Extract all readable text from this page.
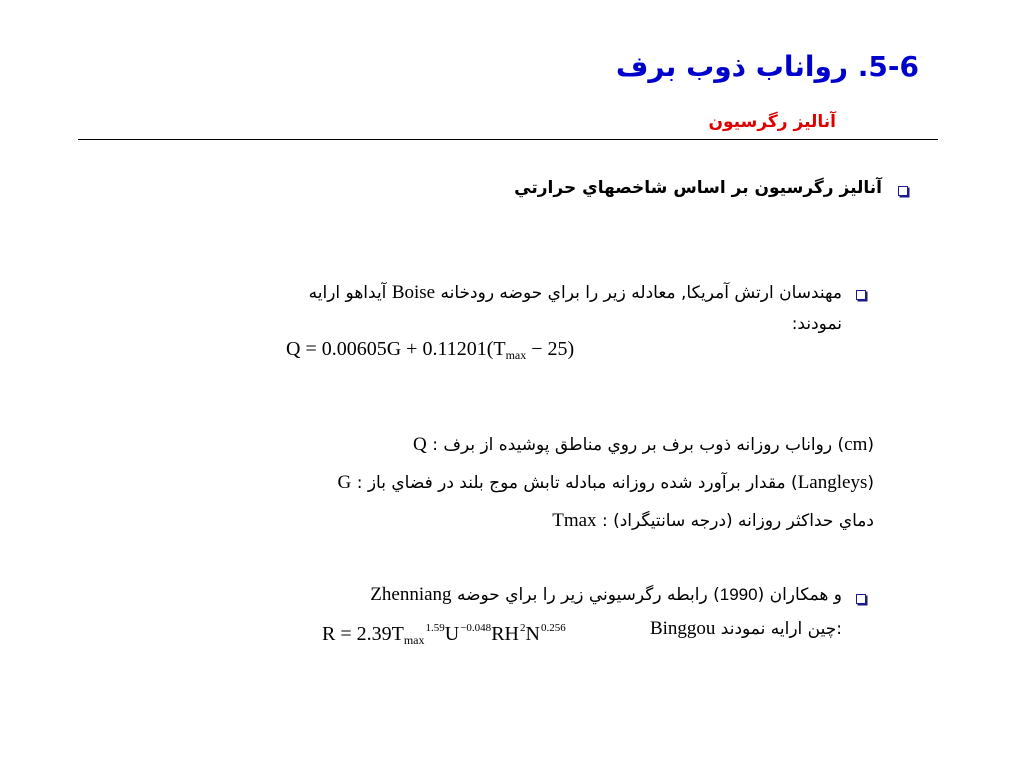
5-6. رواناب ذوب برف
آناليز رگرسيون
آناليز رگرسيون بر اساس شاخصهاي حرارتي
مهندسان ارتش آمريکا, معادله زير را براي حوضه رودخانه Boise آيداهو ارايه
نمودند:
$Q = 0.00605G + 0.11201(T_{max} - 25)$
Q : رواناب روزانه ذوب برف بر روي مناطق پوشيده از برف (cm)
G : مقدار برآورد شده روزانه مبادله تابش موج بلند در فضاي باز (Langleys)
Tmax : دماي حداکثر روزانه (درجه سانتيگراد)
Zhenniang	و همکاران (1990) رابطه رگرسيوني زير را براي حوضه
Binggou چين ارايه نمودند:
$R = 2.39T_{max}^{1.59}U^{-0.048}RH^2N^{0.256}$
